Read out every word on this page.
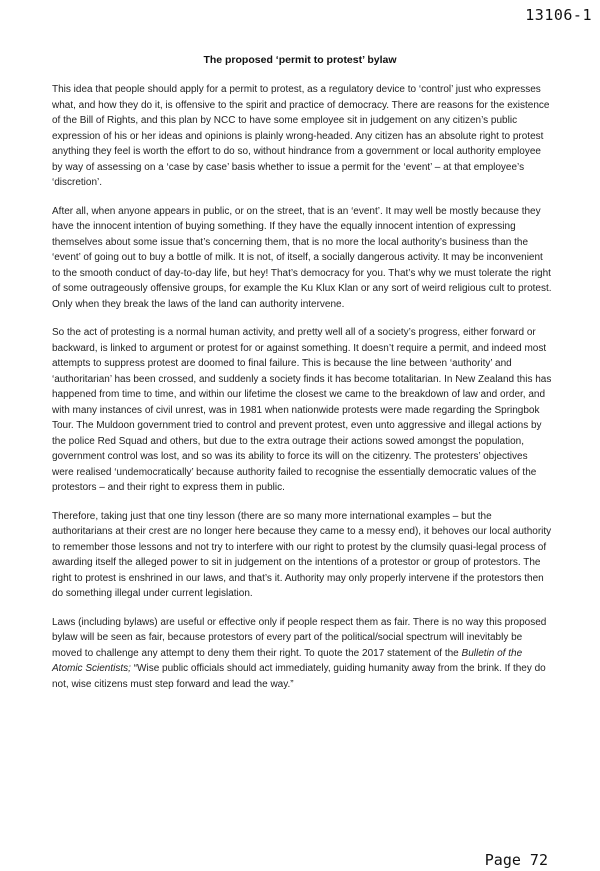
13106-1
The proposed ‘permit to protest’ bylaw

This idea that people should apply for a permit to protest, as a regulatory device to ‘control’ just who expresses what, and how they do it, is offensive to the spirit and practice of democracy. There are reasons for the existence of the Bill of Rights, and this plan by NCC to have some employee sit in judgement on any citizen’s public expression of his or her ideas and opinions is plainly wrong-headed. Any citizen has an absolute right to protest anything they feel is worth the effort to do so, without hindrance from a government or local authority employee by way of assessing on a ‘case by case’ basis whether to issue a permit for the ‘event’ – at that employee’s ‘discretion’.

After all, when anyone appears in public, or on the street, that is an ‘event’. It may well be mostly because they have the innocent intention of buying something. If they have the equally innocent intention of expressing themselves about some issue that’s concerning them, that is no more the local authority’s business than the ‘event’ of going out to buy a bottle of milk. It is not, of itself, a socially dangerous activity. It may be inconvenient to the smooth conduct of day-to-day life, but hey! That’s democracy for you. That’s why we must tolerate the right of some outrageously offensive groups, for example the Ku Klux Klan or any sort of weird religious cult to protest. Only when they break the laws of the land can authority intervene.

So the act of protesting is a normal human activity, and pretty well all of a society’s progress, either forward or backward, is linked to argument or protest for or against something. It doesn’t require a permit, and indeed most attempts to suppress protest are doomed to final failure. This is because the line between ‘authority’ and ‘authoritarian’ has been crossed, and suddenly a society finds it has become totalitarian. In New Zealand this has happened from time to time, and within our lifetime the closest we came to the breakdown of law and order, and with many instances of civil unrest, was in 1981 when nationwide protests were made regarding the Springbok Tour. The Muldoon government tried to control and prevent protest, even unto aggressive and illegal actions by the police Red Squad and others, but due to the extra outrage their actions sowed amongst the population, government control was lost, and so was its ability to force its will on the citizenry. The protesters’ objectives were realised ‘undemocratically’ because authority failed to recognise the essentially democratic values of the protestors – and their right to express them in public.

Therefore, taking just that one tiny lesson (there are so many more international examples – but the authoritarians at their crest are no longer here because they came to a messy end), it behoves our local authority to remember those lessons and not try to interfere with our right to protest by the clumsily quasi-legal process of awarding itself the alleged power to sit in judgement on the intentions of a protestor or group of protestors. The right to protest is enshrined in our laws, and that’s it. Authority may only properly intervene if the protestors then do something illegal under current legislation.

Laws (including bylaws) are useful or effective only if people respect them as fair. There is no way this proposed bylaw will be seen as fair, because protestors of every part of the political/social spectrum will inevitably be moved to challenge any attempt to deny them their right. To quote the 2017 statement of the Bulletin of the Atomic Scientists; “Wise public officials should act immediately, guiding humanity away from the brink. If they do not, wise citizens must step forward and lead the way.”

Page 72
